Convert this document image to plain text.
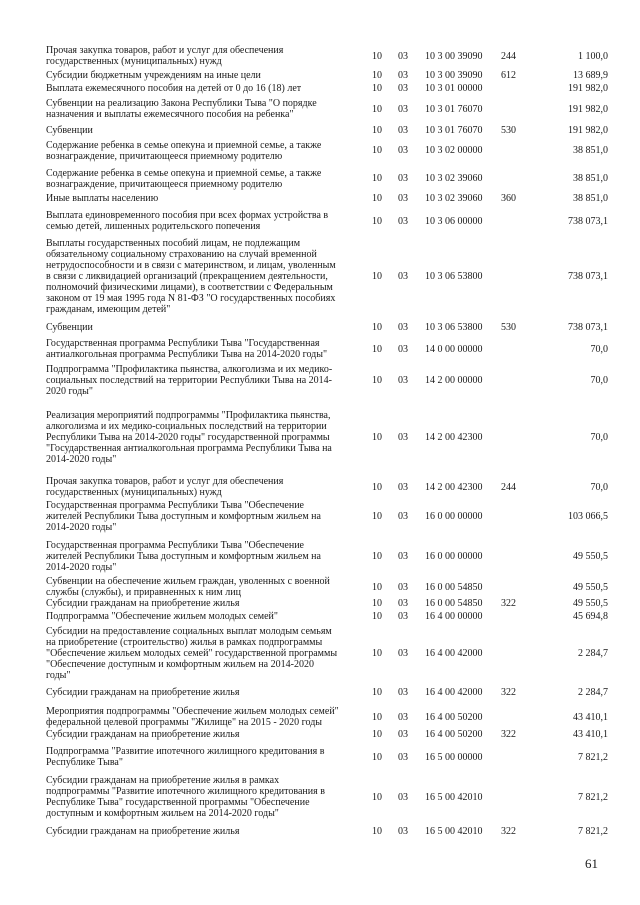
Прочая закупка товаров, работ и услуг для обеспечения
государственных (муниципальных) нужд	10 03 10 3 00 39090 244	1 100,0
Субсидии бюджетным учреждениям на иные цели	10 03 10 3 00 39090 612	13 689,9
Выплата ежемесячного пособия на детей от 0 до 16 (18) лет	10 03 10 3 01 00000	191 982,0
Субвенции на реализацию Закона Республики Тыва "О порядке
назначения и выплаты ежемесячного пособия на ребенка"	10 03 10 3 01 76070	191 982,0
Субвенции	10 03 10 3 01 76070 530	191 982,0
Содержание ребенка в семье опекуна и приемной семье, а также
вознаграждение, причитающееся приемному родителю
10 03 10 3 02 00000	38 851,0
Содержание ребенка в семье опекуна и приемной семье, а также
вознаграждение, причитающееся приемному родителю
10 03 10 3 02 39060	38 851,0
Иные выплаты населению	10 03 10 3 02 39060 360	38 851,0
Выплата единовременного пособия при всех формах устройства в
семью детей, лишенных родительского попечения	10 03 10 3 06 00000	738 073,1
Выплаты государственных пособий лицам, не подлежащим
обязательному социальному страхованию на случай временной
нетрудоспособности и в связи с материнством, и лицам, уволенным
в связи с ликвидацией организаций (прекращением деятельности,
полномочий физическими лицами), в соответствии с Федеральным
законом от 19 мая 1995 года N 81-ФЗ "О государственных пособиях
гражданам, имеющим детей"
10 03 10 3 06 53800	738 073,1
Субвенции	10 03 10 3 06 53800 530	738 073,1
Государственная программа Республики Тыва "Государственная
антиалкогольная программа Республики Тыва на 2014-2020 годы"	10 03 14 0 00 00000	70,0
Подпрограмма "Профилактика пьянства, алкоголизма и их медико-
социальных последствий на территории Республики Тыва на 2014-
2020 годы"
10 03 14 2 00 00000	70,0
Реализация мероприятий подпрограммы "Профилактика пьянства,
алкоголизма и их медико-социальных последствий на территории
Республики Тыва на 2014-2020 годы" государственной программы
"Государственная антиалкогольная программа Республики Тыва на
2014-2020 годы"
10 03 14 2 00 42300	70,0
Прочая закупка товаров, работ и услуг для обеспечения
государственных (муниципальных) нужд	10 03 14 2 00 42300 244	70,0
Государственная программа Республики Тыва "Обеспечение
жителей Республики Тыва доступным и комфортным жильем на
2014-2020 годы"
10 03 16 0 00 00000	103 066,5
Государственная программа Республики Тыва "Обеспечение
жителей Республики Тыва доступным и комфортным жильем на
2014-2020 годы"
10 03 16 0 00 00000	49 550,5
Субвенции на обеспечение жильем граждан, уволенных с военной
службы (службы), и приравненных к ним лиц	10 03 16 0 00 54850	49 550,5
Субсидии гражданам на приобретение жилья	10 03 16 0 00 54850 322	49 550,5
Подпрограмма "Обеспечение жильем молодых семей"	10 03 16 4 00 00000	45 694,8
Субсидии на предоставление социальных выплат молодым семьям
на приобретение (строительство) жилья в рамках подпрограммы
"Обеспечение жильем молодых семей" государственной программы
"Обеспечение доступным и комфортным жильем на 2014-2020
годы"
10 03 16 4 00 42000	2 284,7
Субсидии гражданам на приобретение жилья	10 03 16 4 00 42000 322	2 284,7
Мероприятия подпрограммы "Обеспечение жильем молодых семей"
федеральной целевой программы "Жилище" на 2015 - 2020 годы	10 03 16 4 00 50200	43 410,1
Субсидии гражданам на приобретение жилья	10 03 16 4 00 50200 322	43 410,1
Подпрограмма "Развитие ипотечного жилищного кредитования в
Республике Тыва"	10 03 16 5 00 00000	7 821,2
Субсидии гражданам на приобретение жилья в рамках
подпрограммы "Развитие ипотечного жилищного кредитования в
Республике Тыва" государственной программы "Обеспечение
доступным и комфортным жильем на 2014-2020 годы"
10 03 16 5 00 42010	7 821,2
Субсидии гражданам на приобретение жилья	10 03 16 5 00 42010 322	7 821,2
61
